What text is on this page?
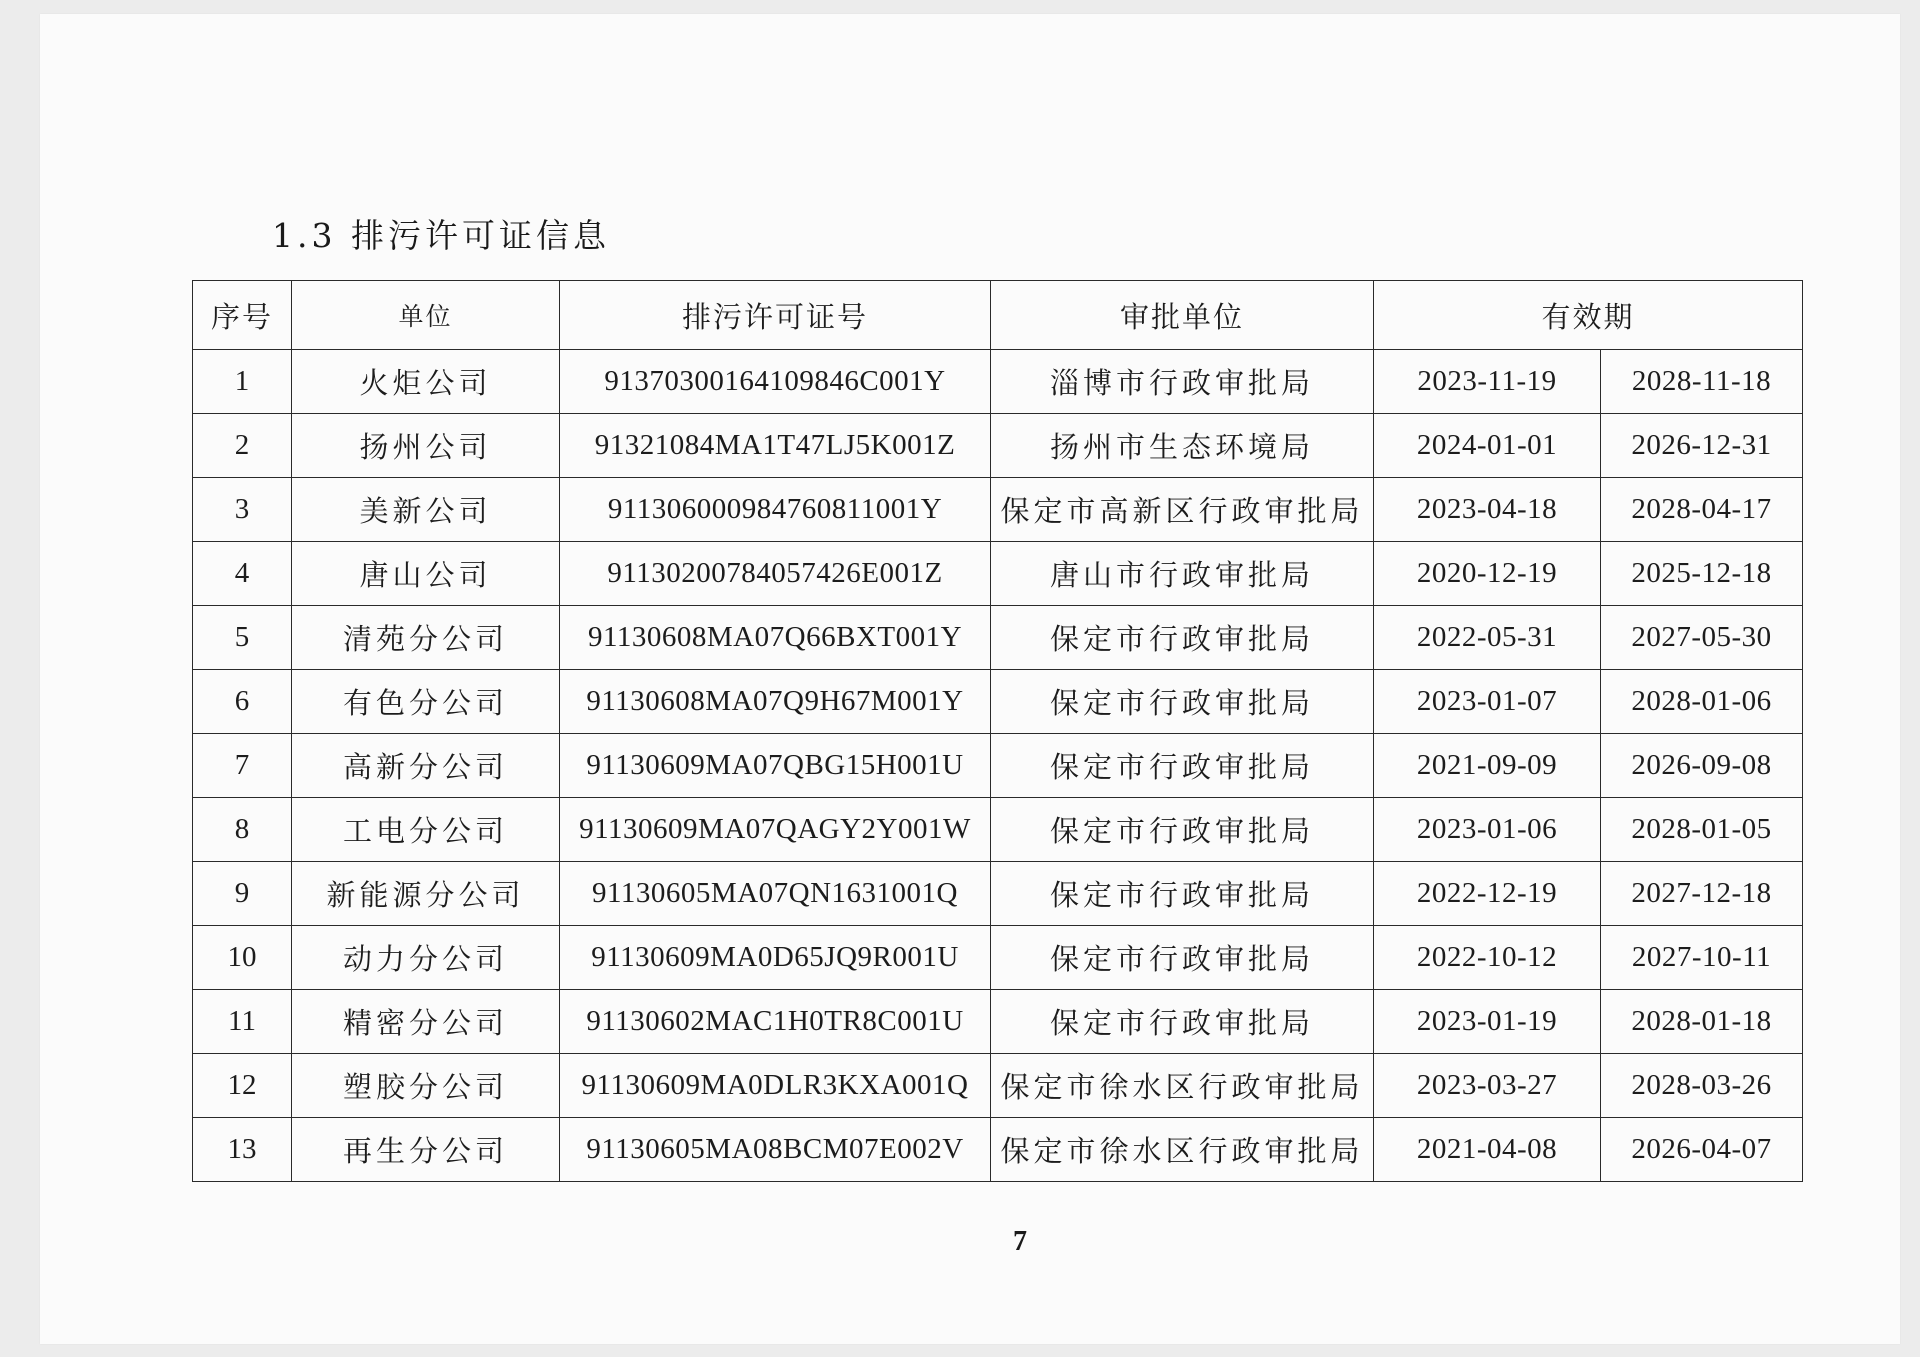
1.3 排污许可证信息
序号	单位	排污许可证号	审批单位	有效期	
1	火炬公司	91370300164109846C001Y	淄博市行政审批局	2023-11-19	2028-11-18
2	扬州公司	91321084MA1T47LJ5K001Z	扬州市生态环境局	2024-01-01	2026-12-31
3	美新公司	911306000984760811001Y	保定市高新区行政审批局	2023-04-18	2028-04-17
4	唐山公司	91130200784057426E001Z	唐山市行政审批局	2020-12-19	2025-12-18
5	清苑分公司	91130608MA07Q66BXT001Y	保定市行政审批局	2022-05-31	2027-05-30
6	有色分公司	91130608MA07Q9H67M001Y	保定市行政审批局	2023-01-07	2028-01-06
7	高新分公司	91130609MA07QBG15H001U	保定市行政审批局	2021-09-09	2026-09-08
8	工电分公司	91130609MA07QAGY2Y001W	保定市行政审批局	2023-01-06	2028-01-05
9	新能源分公司	91130605MA07QN1631001Q	保定市行政审批局	2022-12-19	2027-12-18
10	动力分公司	91130609MA0D65JQ9R001U	保定市行政审批局	2022-10-12	2027-10-11
11	精密分公司	91130602MAC1H0TR8C001U	保定市行政审批局	2023-01-19	2028-01-18
12	塑胶分公司	91130609MA0DLR3KXA001Q	保定市徐水区行政审批局	2023-03-27	2028-03-26
13	再生分公司	91130605MA08BCM07E002V	保定市徐水区行政审批局	2021-04-08	2026-04-07
7
